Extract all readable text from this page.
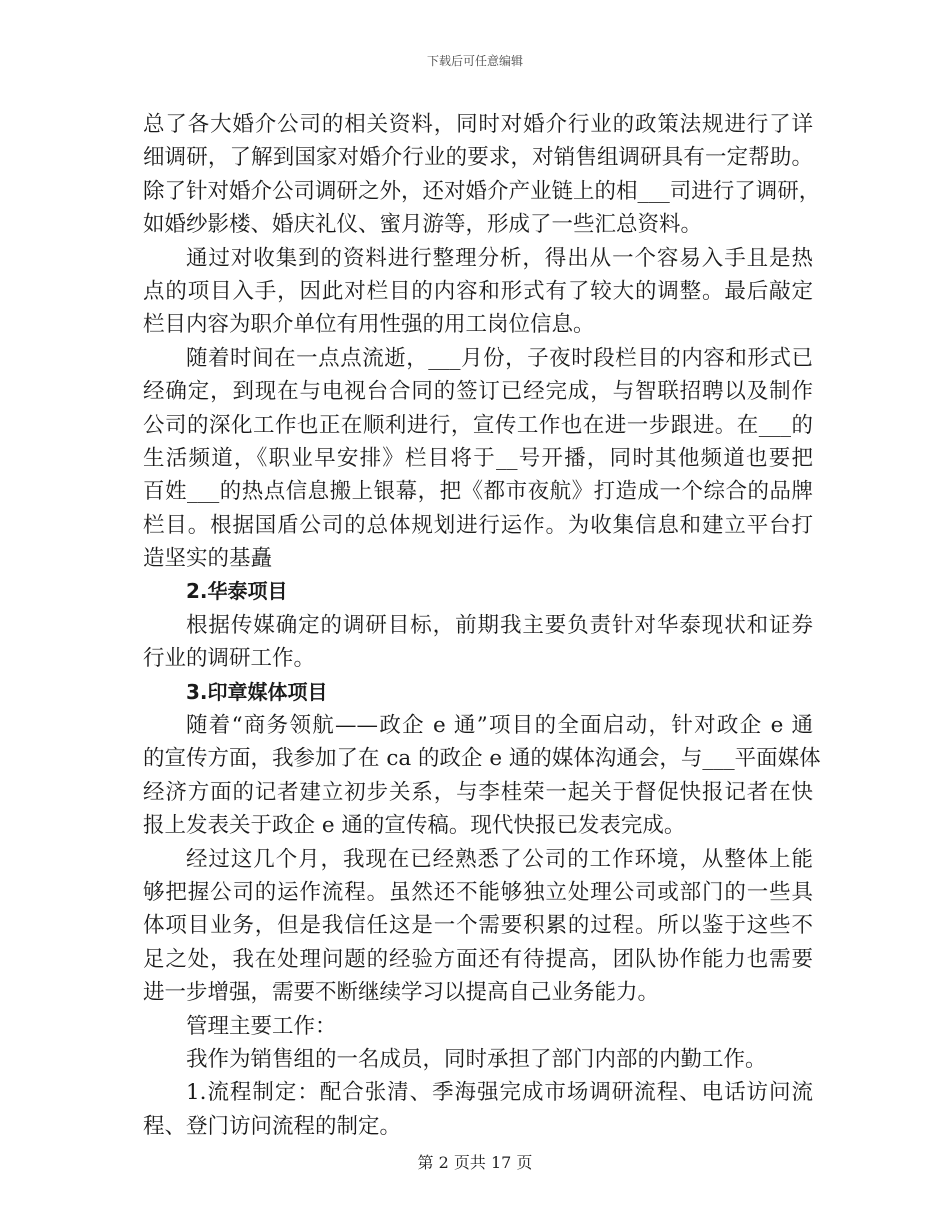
下载后可任意编辑
总了各大婚介公司的相关资料，同时对婚介行业的政策法规进行了详
细调研，了解到国家对婚介行业的要求，对销售组调研具有一定帮助。
除了针对婚介公司调研之外，还对婚介产业链上的相___司进行了调研，
如婚纱影楼、婚庆礼仪、蜜月游等，形成了一些汇总资料。
通过对收集到的资料进行整理分析，得出从一个容易入手且是热
点的项目入手，因此对栏目的内容和形式有了较大的调整。最后敲定
栏目内容为职介单位有用性强的用工岗位信息。
随着时间在一点点流逝，___月份，子夜时段栏目的内容和形式已
经确定，到现在与电视台合同的签订已经完成，与智联招聘以及制作
公司的深化工作也正在顺利进行，宣传工作也在进一步跟进。在___的
生活频道，《职业早安排》栏目将于__号开播，同时其他频道也要把
百姓___的热点信息搬上银幕，把《都市夜航》打造成一个综合的品牌
栏目。根据国盾公司的总体规划进行运作。为收集信息和建立平台打
造坚实的基矗
2.华泰项目
根据传媒确定的调研目标，前期我主要负责针对华泰现状和证券
行业的调研工作。
3.印章媒体项目
随着“商务领航——政企 e 通”项目的全面启动，针对政企 e 通
的宣传方面，我参加了在 ca 的政企 e 通的媒体沟通会，与___平面媒体
经济方面的记者建立初步关系，与李桂荣一起关于督促快报记者在快
报上发表关于政企 e 通的宣传稿。现代快报已发表完成。
经过这几个月，我现在已经熟悉了公司的工作环境，从整体上能
够把握公司的运作流程。虽然还不能够独立处理公司或部门的一些具
体项目业务，但是我信任这是一个需要积累的过程。所以鉴于这些不
足之处，我在处理问题的经验方面还有待提高，团队协作能力也需要
进一步增强，需要不断继续学习以提高自己业务能力。
管理主要工作：
我作为销售组的一名成员，同时承担了部门内部的内勤工作。
1.流程制定：配合张清、季海强完成市场调研流程、电话访问流
程、登门访问流程的制定。
第 2 页共 17 页
